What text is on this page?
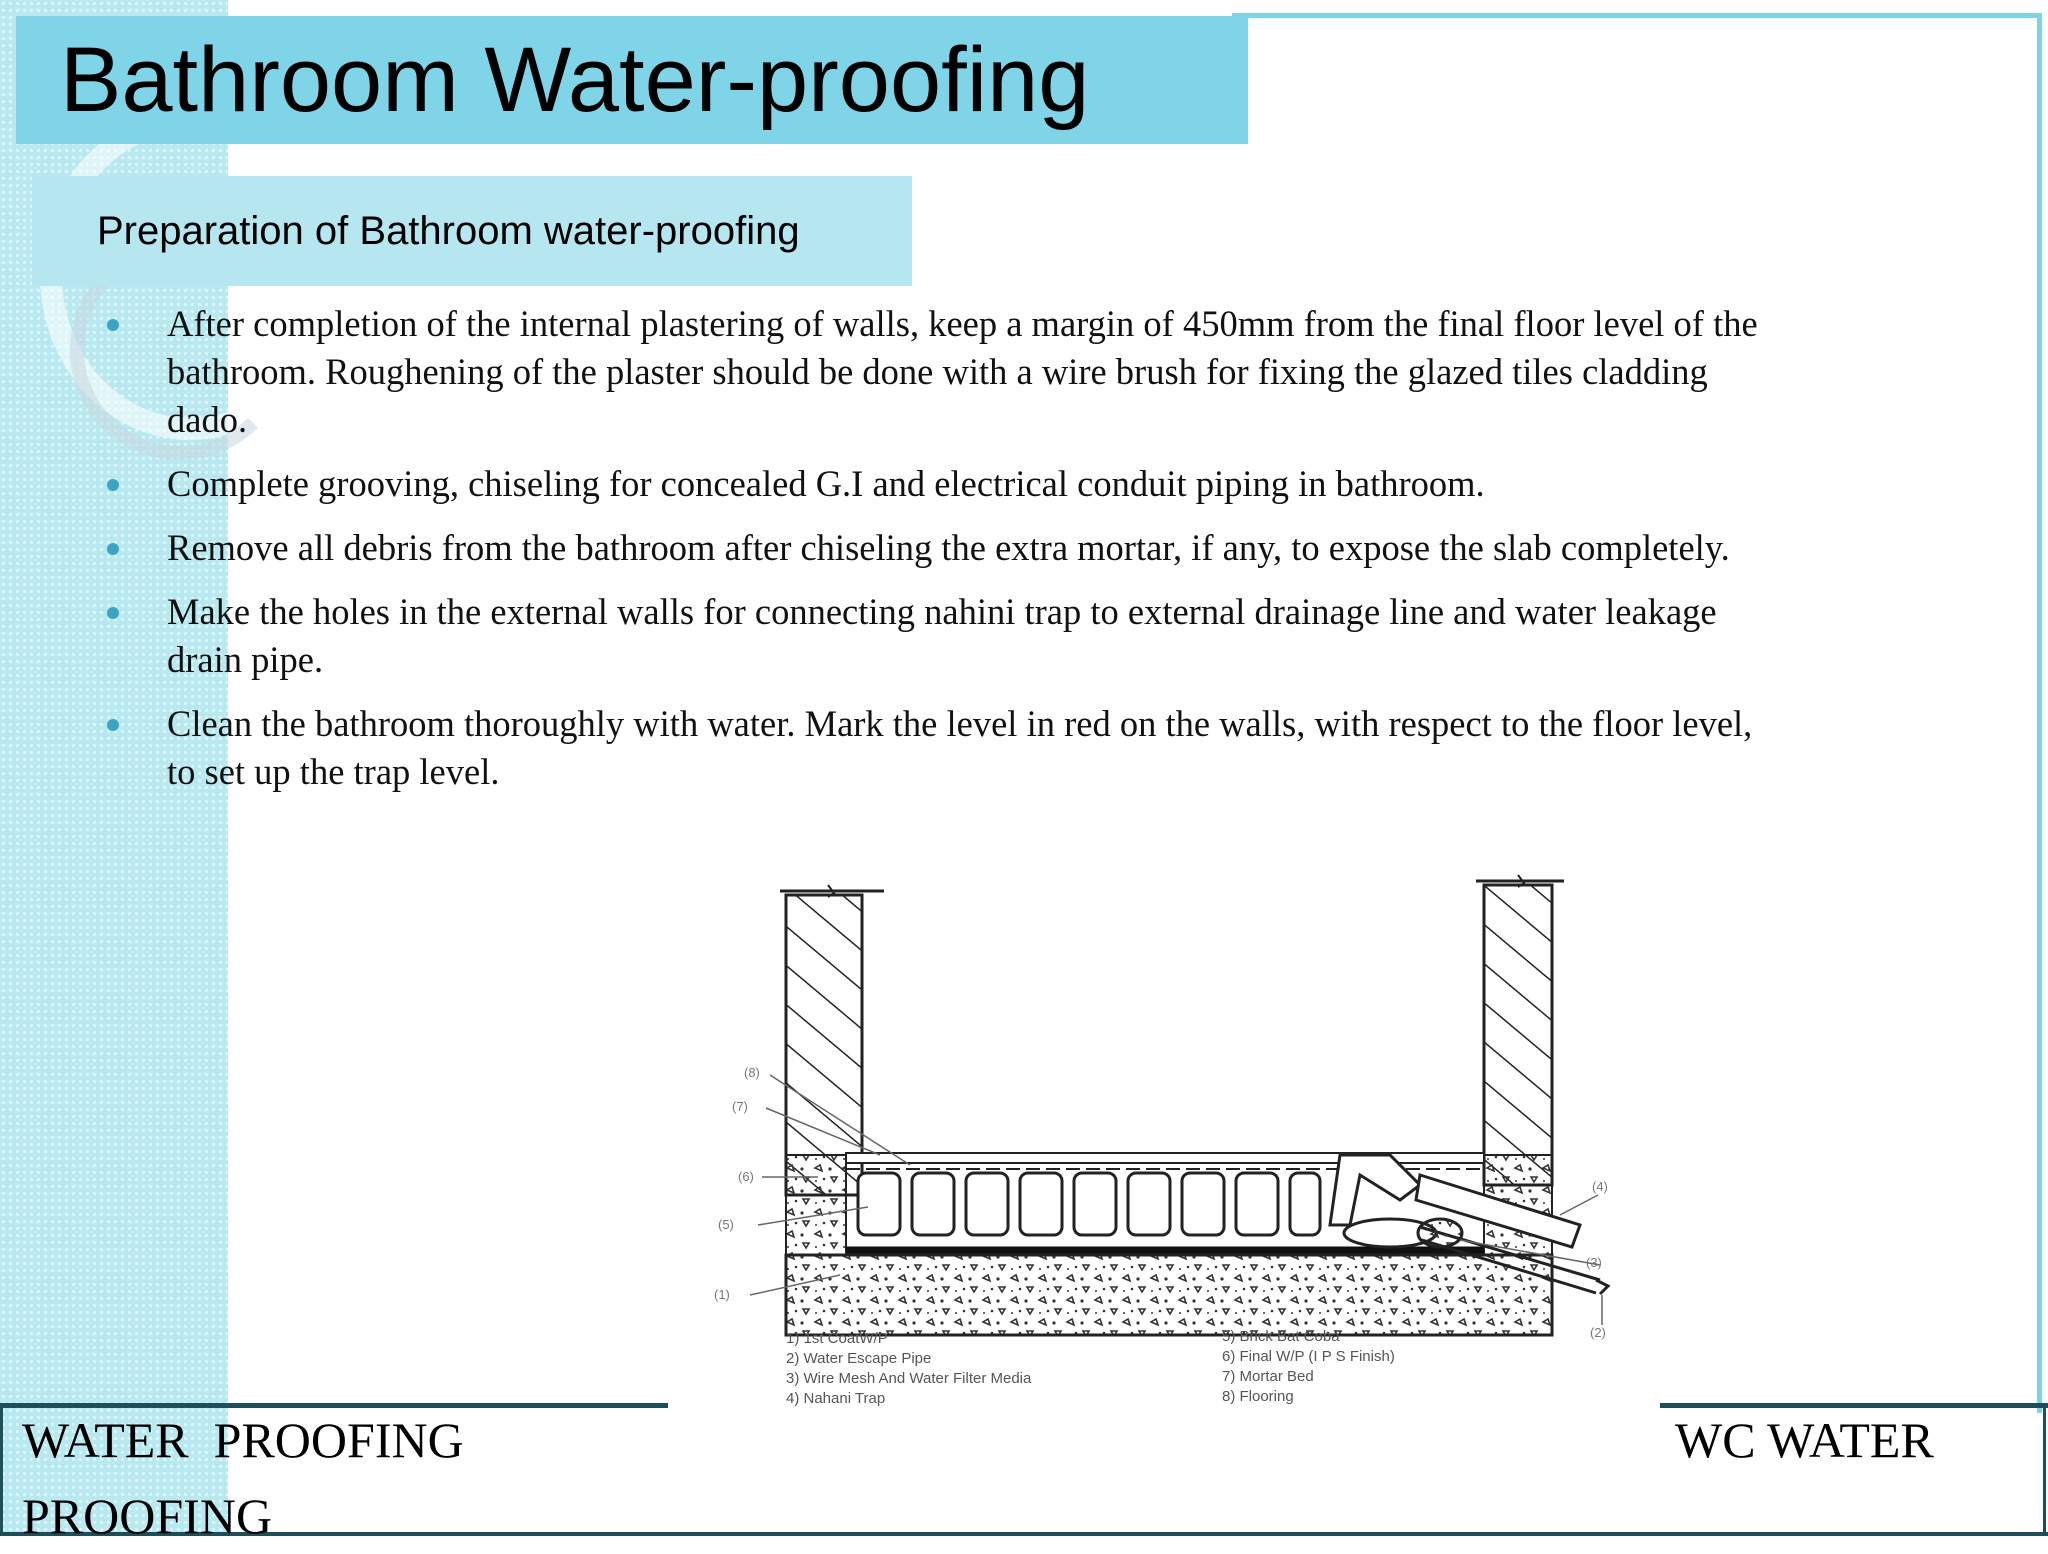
Bathroom Water-proofing
Preparation of Bathroom water-proofing
After completion of the internal plastering of walls, keep a margin of 450mm from the final floor level of the bathroom. Roughening of the plaster should be done with a wire brush for fixing the glazed tiles cladding dado.
Complete grooving, chiseling for concealed G.I and electrical conduit piping in bathroom.
Remove all debris from the bathroom after chiseling the extra mortar, if any, to expose the slab completely.
Make the holes in the external walls for connecting nahini trap to external drainage line and water leakage drain pipe.
Clean the bathroom thoroughly with water. Mark the level in red on the walls, with respect to the floor level, to set up the trap level.
(8)
(7)
(6)
(5)
(1)
(4)
(3)
(2)
1) 1st CoatW/P
2) Water Escape Pipe
3) Wire Mesh And Water Filter Media
4) Nahani Trap
5) Brick Bat Coba
6) Final W/P (I P S Finish)
7) Mortar Bed
8) Flooring
WATER  PROOFING
PROOFING
WC WATER
